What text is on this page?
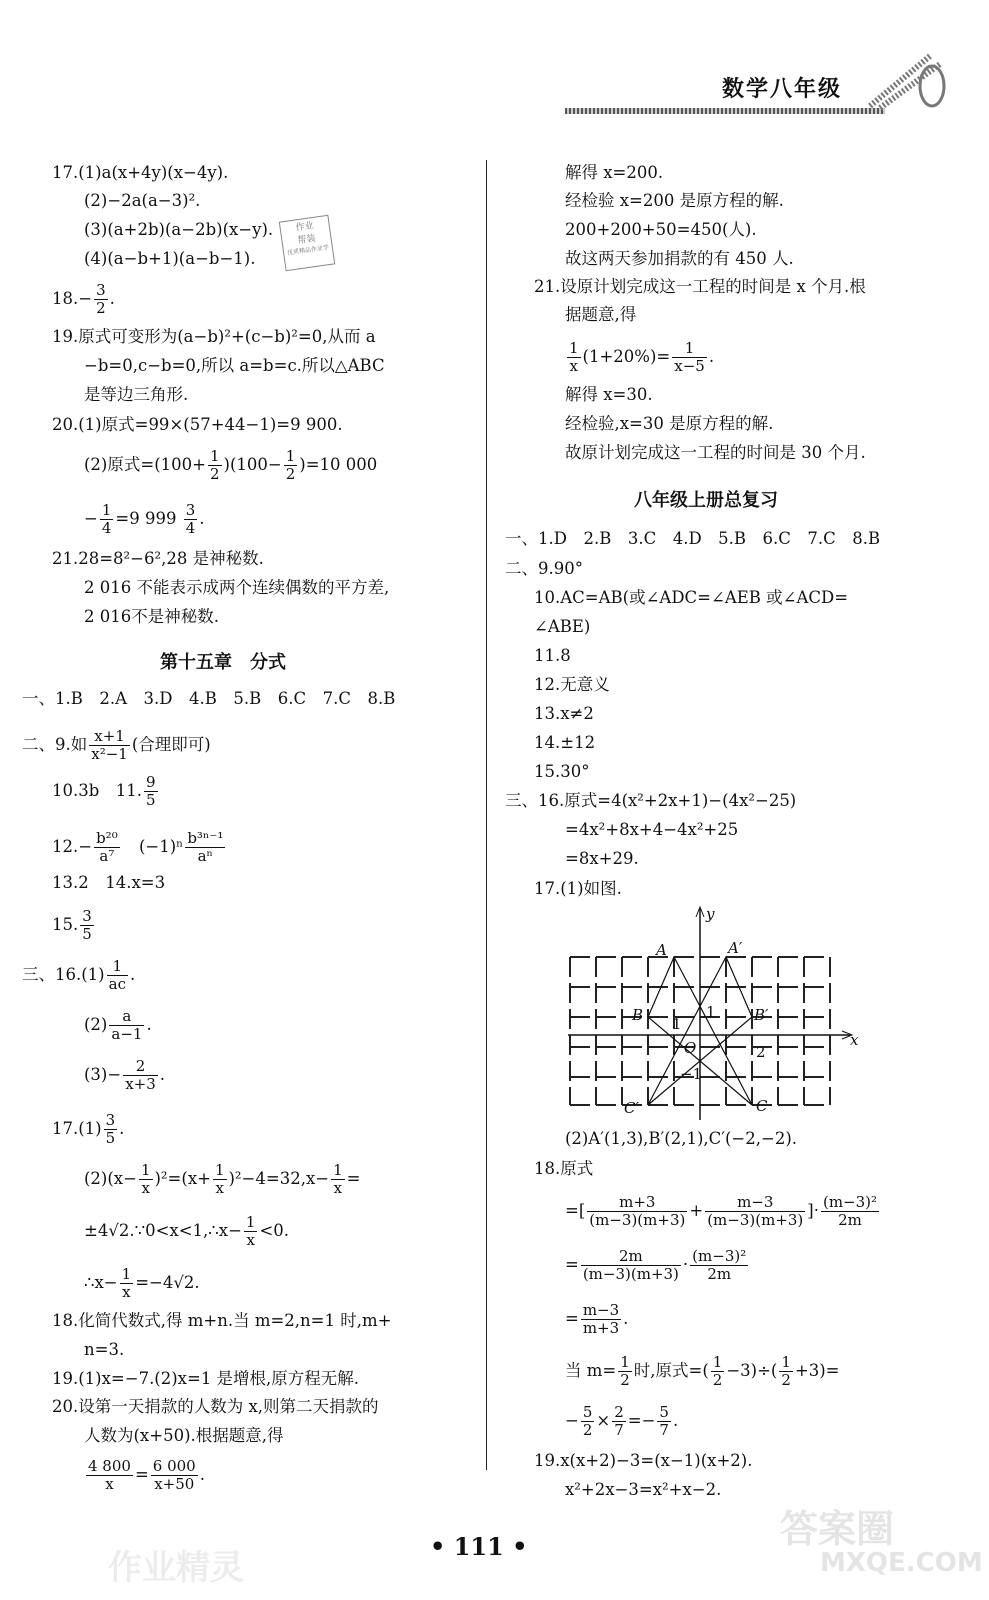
数学八年级
17.(1)a(x+4y)(x−4y).
(2)−2a(a−3)².
(3)(a+2b)(a−2b)(x−y).
(4)(a−b+1)(a−b−1).
作业
帮装
优质精品作业学
$18.- \frac{3}{2}$ .
19.原式可变形为(a−b)²+(c−b)²=0,从而 a
−b=0,c−b=0,所以 a=b=c.所以△ABC
是等边三角形.
20.(1)原式=99×(57+44−1)=9 900.
(2)原式$=(100+ \frac{1}{2} )(100- \frac{1}{2} )=10$ 000
− $\frac{1}{4} =9$ $999 \frac{3}{4}$ .
21.28=8²−6²,28 是神秘数.
2 016 不能表示成两个连续偶数的平方差,
2 016不是神秘数.
第十五章　分式
一、1.B　2.A　3.D　4.B　5.B　6.C　7.C　8.B
二、9.如 $\frac{x+1}{\text{x²−1}}$ (合理即可)
10.3b　11. $\frac{9}{5}$
$12.- \frac{\text{b²⁰}}{\text{a⁷}} (-1)^n \frac{\text{b³ⁿ⁻¹}}{\text{aⁿ}}$
13.2　14.x=3
15. $\frac{3}{5}$
三、$16.(1) \frac{1}{ac}$ .
$(2) \frac{a}{a-1}$ .
$(3)- \frac{2}{x+3}$ .
$17.(1) \frac{3}{5}$ .
$(2)(x- \frac{1}{x} )^2=(x+ \frac{1}{x} )^2-4=32,x- \frac{1}{x}$ =
±4√2.∵0<x<1,∴x− $\frac{1}{x} <0$.
∴x− $\frac{1}{x} =-4√2$.
18.化简代数式,得 m+n.当 m=2,n=1 时,m+
n=3.
19.(1)x=−7.(2)x=1 是增根,原方程无解.
20.设第一天捐款的人数为 x,则第二天捐款的
人数为(x+50).根据题意,得
$\frac{4 800}{x} = \frac{6 000}{x+50}$ .
解得 x=200.
经检验 x=200 是原方程的解.
200+200+50=450(人).
故这两天参加捐款的有 450 人.
21.设原计划完成这一工程的时间是 x 个月.根
据题意,得
$\frac{1}{x} (1+20\%)= \frac{1}{x-5}$ .
解得 x=30.
经检验,x=30 是原方程的解.
故原计划完成这一工程的时间是 30 个月.
八年级上册总复习
一、1.D　2.B　3.C　4.D　5.B　6.C　7.C　8.B
二、9.90°
10.AC=AB(或∠ADC=∠AEB 或∠ACD=
∠ABE)
11.8
12.无意义
13.x≠2
14.±12
15.30°
三、16.原式=4(x²+2x+1)−(4x²−25)
=4x²+8x+4−4x²+25
=8x+29.
17.(1)如图.
A	A′
B	B′
C′	C
O	x
y
1
1
2
−1
(2)A′(1,3),B′(2,1),C′(−2,−2).
18.原式
=[ $\frac{m+3}{(m-3)(m+3)} + \frac{m-3}{(m-3)(m+3)}$ ]· $\frac{\text{(m−3)²}}{2m}$
= $\frac{2m}{(m-3)(m+3)} \cdot \frac{\text{(m−3)²}}{2m}$
= $\frac{m-3}{m+3}$ .
当 $m= \frac{1}{2}$ 时,原式=( $\frac{1}{2} -3)\div( \frac{1}{2} +3)=$
− $\frac{5}{2} \times \frac{2}{7} =- \frac{5}{7}$ .
19.x(x+2)−3=(x−1)(x+2).
x²+2x−3=x²+x−2.
作业精灵
答案圈
MXQE.COM
• 111 •
